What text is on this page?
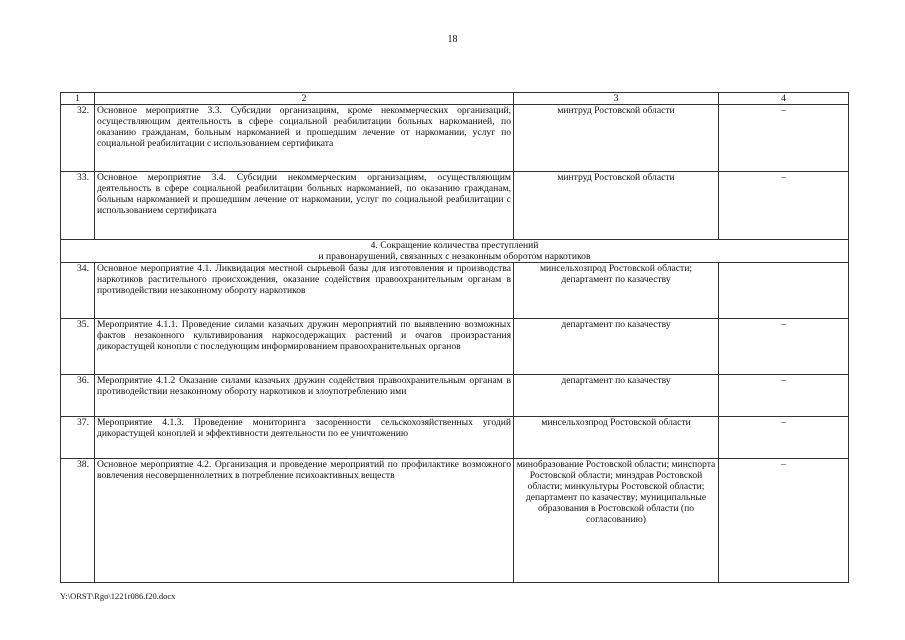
18
1	2	3	4
32.	Основное мероприятие 3.3. Субсидии организациям, кроме некоммерческих организаций, осуществляющим деятельность в сфере социальной реабилитации больных наркоманией, по оказанию гражданам, больным наркоманией и прошедшим лечение от наркомании, услуг по социальной реабилитации с использованием сертификата	минтруд Ростовской области	–
33.	Основное мероприятие 3.4. Субсидии некоммерческим организациям, осуществляющим деятельность в сфере социальной реабилитации больных наркоманией, по оказанию гражданам, больным наркоманией и прошедшим лечение от наркомании, услуг по социальной реабилитации с использованием сертификата	минтруд Ростовской области	–

4. Сокращение количества преступлений
и правонарушений, связанных с незаконным оборотом наркотиков			

34.	Основное мероприятие 4.1. Ликвидация местной сырьевой базы для изготовления и производства наркотиков растительного происхождения, оказание содействия правоохранительным органам в противодействии незаконному обороту наркотиков	минсельхозпрод Ростовской области; департамент по казачеству	
35.	Мероприятие 4.1.1. Проведение силами казачьих дружин мероприятий по выявлению возможных фактов незаконного культивирования наркосодержащих растений и очагов произрастания дикорастущей конопли с последующим информированием правоохранительных органов	департамент по казачеству	–
36.	Мероприятие 4.1.2 Оказание силами казачьих дружин содействия правоохранительным органам в противодействии незаконному обороту наркотиков и злоупотреблению ими	департамент по казачеству	–
37.	Мероприятие 4.1.3. Проведение мониторинга засоренности сельскохозяйственных угодий дикорастущей коноплей и эффективности деятельности по ее уничтожению	минсельхозпрод Ростовской области	–
38.	Основное мероприятие 4.2. Организация и проведение мероприятий по профилактике возможного вовлечения несовершеннолетних в потребление психоактивных веществ	минобразование Ростовской области; минспорта Ростовской области; минздрав Ростовской области; минкультуры Ростовской области; департамент по казачеству; муниципальные образования в Ростовской области (по согласованию)	–
Y:\ORST\Rgo\1221r086.f20.docx
